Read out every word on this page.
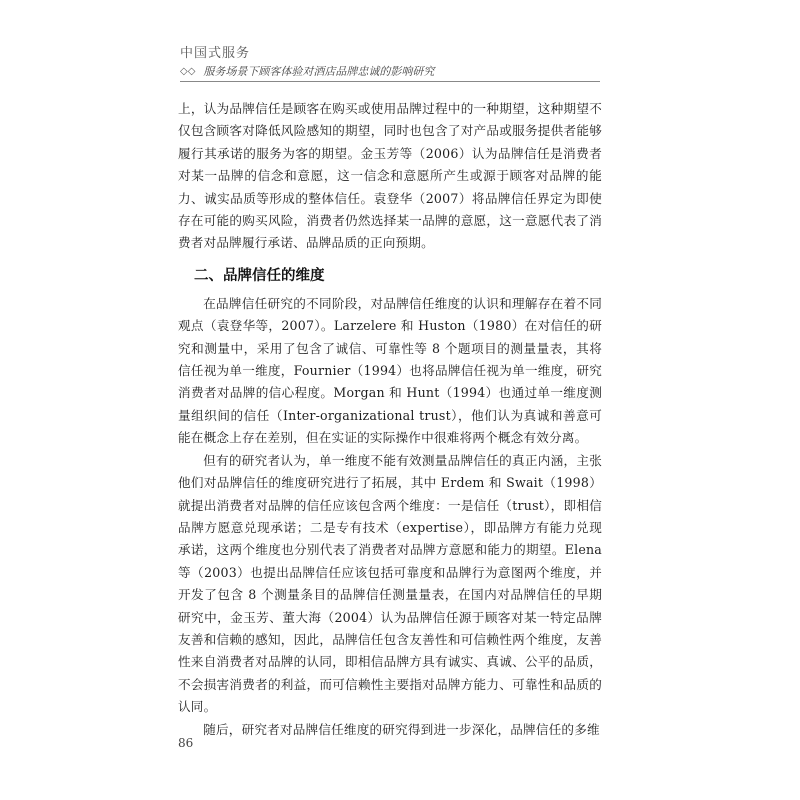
中国式服务
◇◇ 服务场景下顾客体验对酒店品牌忠诚的影响研究

上，认为品牌信任是顾客在购买或使用品牌过程中的一种期望，这种期望不仅包含顾客对降低风险感知的期望，同时也包含了对产品或服务提供者能够履行其承诺的服务为客的期望。金玉芳等（2006）认为品牌信任是消费者对某一品牌的信念和意愿，这一信念和意愿所产生或源于顾客对品牌的能力、诚实品质等形成的整体信任。袁登华（2007）将品牌信任界定为即使存在可能的购买风险，消费者仍然选择某一品牌的意愿，这一意愿代表了消费者对品牌履行承诺、品牌品质的正向预期。

二、品牌信任的维度

在品牌信任研究的不同阶段，对品牌信任维度的认识和理解存在着不同观点（袁登华等，2007）。Larzelere 和 Huston（1980）在对信任的研究和测量中，采用了包含了诚信、可靠性等 8 个题项目的测量量表，其将信任视为单一维度，Fournier（1994）也将品牌信任视为单一维度，研究消费者对品牌的信心程度。Morgan 和 Hunt（1994）也通过单一维度测量组织间的信任（Inter-organizational trust），他们认为真诚和善意可能在概念上存在差别，但在实证的实际操作中很难将两个概念有效分离。

但有的研究者认为，单一维度不能有效测量品牌信任的真正内涵，主张他们对品牌信任的维度研究进行了拓展，其中 Erdem 和 Swait（1998）就提出消费者对品牌的信任应该包含两个维度：一是信任（trust），即相信品牌方愿意兑现承诺；二是专有技术（expertise），即品牌方有能力兑现承诺，这两个维度也分别代表了消费者对品牌方意愿和能力的期望。Elena 等（2003）也提出品牌信任应该包括可靠度和品牌行为意图两个维度，并开发了包含 8 个测量条目的品牌信任测量量表，在国内对品牌信任的早期研究中，金玉芳、董大海（2004）认为品牌信任源于顾客对某一特定品牌友善和信赖的感知，因此，品牌信任包含友善性和可信赖性两个维度，友善性来自消费者对品牌的认同，即相信品牌方具有诚实、真诚、公平的品质，不会损害消费者的利益，而可信赖性主要指对品牌方能力、可靠性和品质的认同。

随后，研究者对品牌信任维度的研究得到进一步深化，品牌信任的多维

86
